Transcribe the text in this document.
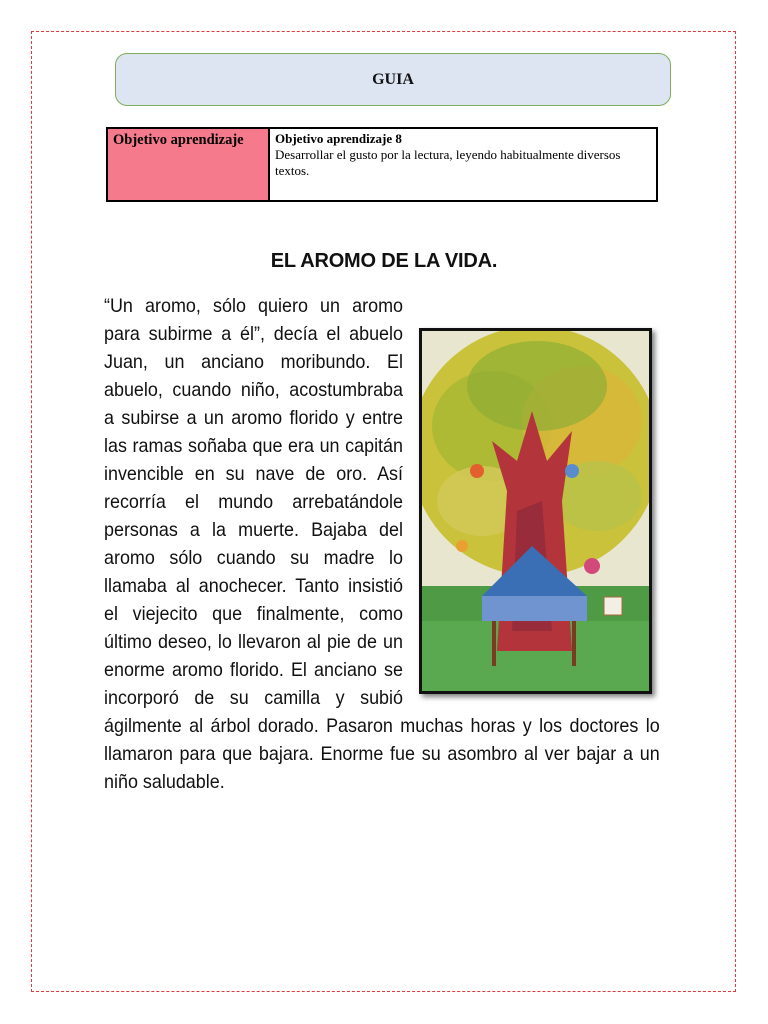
GUIA
Objetivo aprendizaje	Objetivo aprendizaje 8
Desarrollar el gusto por la lectura, leyendo habitualmente diversos textos.
EL AROMO DE LA VIDA.
“Un aromo, sólo quiero un aromo para subirme a él”, decía el abuelo Juan, un anciano moribundo. El abuelo, cuando niño, acostumbraba a subirse a un aromo florido y entre las ramas soñaba que era un capitán invencible en su nave de oro. Así recorría el mundo arrebatándole personas a la muerte. Bajaba del aromo sólo cuando su madre lo llamaba al anochecer. Tanto insistió el viejecito que finalmente, como último deseo, lo llevaron al pie de un enorme aromo florido. El anciano se incorporó de su camilla y subió ágilmente al árbol dorado. Pasaron muchas horas y los doctores lo llamaron para que bajara. Enorme fue su asombro al ver bajar a un niño saludable.
